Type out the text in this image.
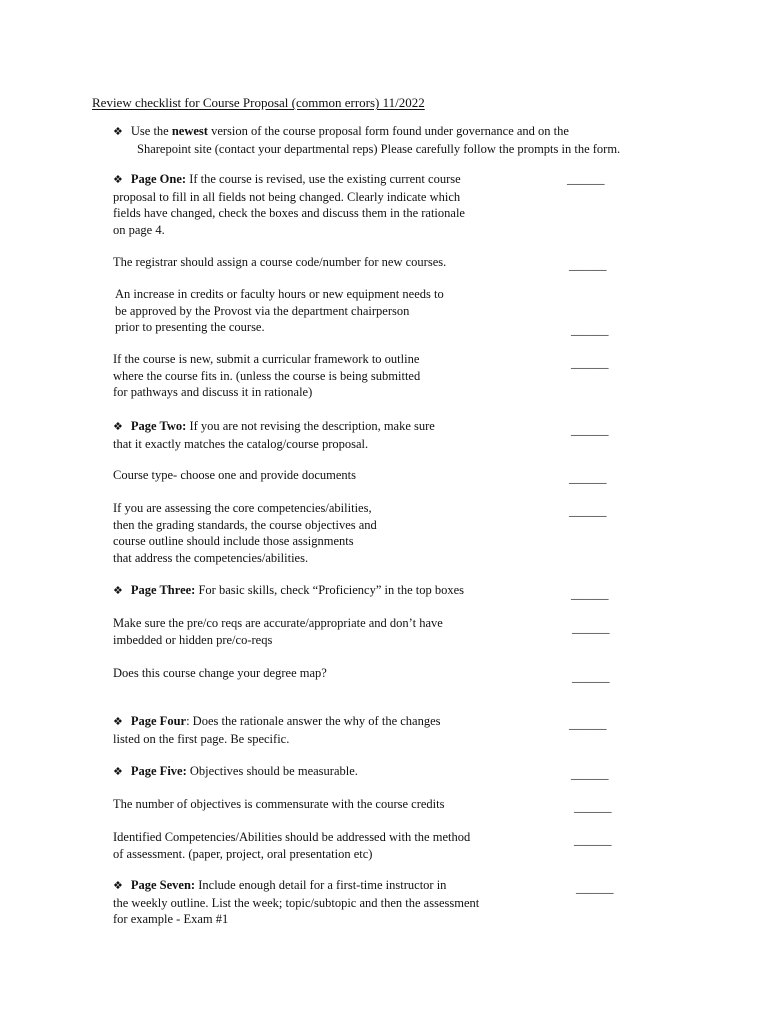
Review checklist for Course Proposal (common errors) 11/2022
❖ Use the newest version of the course proposal form found under governance and on the
Sharepoint site (contact your departmental reps) Please carefully follow the prompts in the form.
❖ Page One: If the course is revised, use the existing current course
proposal to fill in all fields not being changed. Clearly indicate which
fields have changed, check the boxes and discuss them in the rationale
on page 4.
______
The registrar should assign a course code/number for new courses.	______
An increase in credits or faculty hours or new equipment needs to
be approved by the Provost via the department chairperson
prior to presenting the course.	______
If the course is new, submit a curricular framework to outline
where the course fits in. (unless the course is being submitted
for pathways and discuss it in rationale)
______
❖ Page Two: If you are not revising the description, make sure
that it exactly matches the catalog/course proposal.
______
Course type- choose one and provide documents	______
If you are assessing the core competencies/abilities,
then the grading standards, the course objectives and
course outline should include those assignments
that address the competencies/abilities.
______
❖ Page Three: For basic skills, check “Proficiency” in the top boxes	______
Make sure the pre/co reqs are accurate/appropriate and don’t have
imbedded or hidden pre/co-reqs
______
Does this course change your degree map?	______
❖ Page Four: Does the rationale answer the why of the changes
listed on the first page. Be specific.
______
❖ Page Five: Objectives should be measurable.	______
The number of objectives is commensurate with the course credits	______
Identified Competencies/Abilities should be addressed with the method
of assessment. (paper, project, oral presentation etc)
______
❖ Page Seven: Include enough detail for a first-time instructor in
the weekly outline. List the week; topic/subtopic and then the assessment
for example - Exam #1
______
